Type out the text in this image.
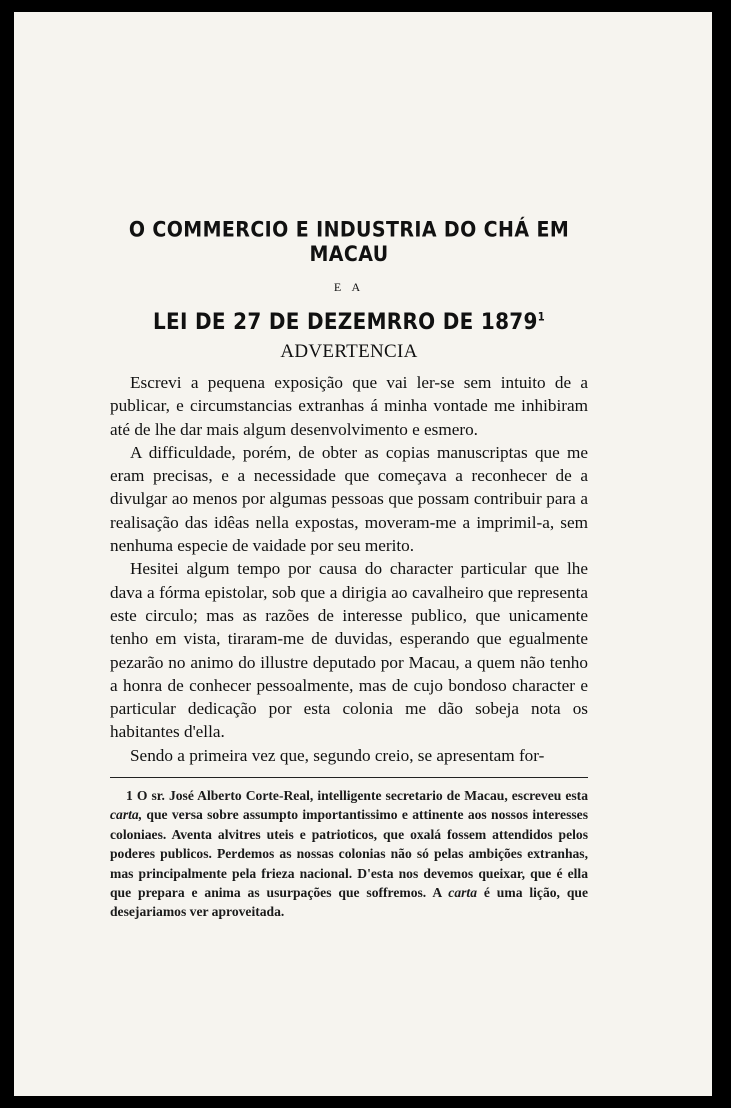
O COMMERCIO E INDUSTRIA DO CHÁ EM MACAU
E A
LEI DE 27 DE DEZEMRRO DE 1879$^1$
ADVERTENCIA

Escrevi a pequena exposição que vai ler-se sem intuito de a publicar, e circumstancias extranhas á minha vontade me inhibiram até de lhe dar mais algum desenvolvimento e esmero.

A difficuldade, porém, de obter as copias manuscriptas que me eram precisas, e a necessidade que começava a reconhecer de a divulgar ao menos por algumas pessoas que possam contribuir para a realisação das idêas nella expostas, moveram-me a imprimil-a, sem nenhuma especie de vaidade por seu merito.

Hesitei algum tempo por causa do character particular que lhe dava a fórma epistolar, sob que a dirigia ao cavalheiro que representa este circulo; mas as razões de interesse publico, que unicamente tenho em vista, tiraram-me de duvidas, esperando que egualmente pezarão no animo do illustre deputado por Macau, a quem não tenho a honra de conhecer pessoalmente, mas de cujo bondoso character e particular dedicação por esta colonia me dão sobeja nota os habitantes d'ella.

Sendo a primeira vez que, segundo creio, se apresentam for-

1 O sr. José Alberto Corte-Real, intelligente secretario de Macau, escreveu esta carta, que versa sobre assumpto importantissimo e attinente aos nossos interesses coloniaes. Aventa alvitres uteis e patrioticos, que oxalá fossem attendidos pelos poderes publicos. Perdemos as nossas colonias não só pelas ambições extranhas, mas principalmente pela frieza nacional. D'esta nos devemos queixar, que é ella que prepara e anima as usurpações que soffremos. A carta é uma lição, que desejariamos ver aproveitada.
